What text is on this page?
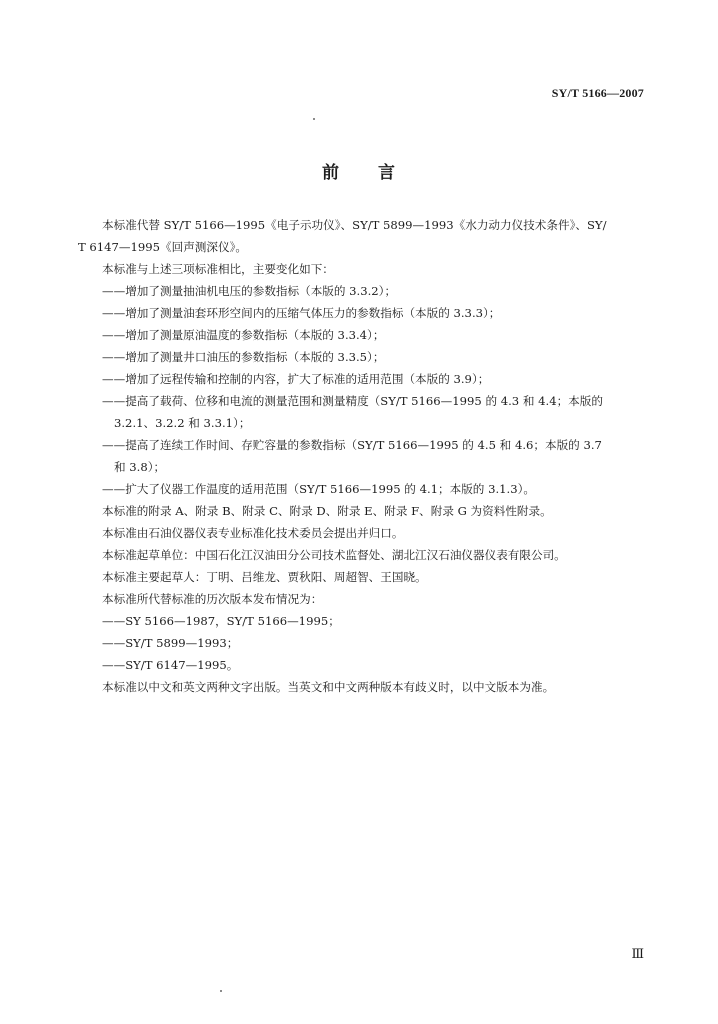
SY/T 5166—2007
前 言
本标准代替 SY/T 5166—1995《电子示功仪》、SY/T 5899—1993《水力动力仪技术条件》、SY/
T 6147—1995《回声测深仪》。
本标准与上述三项标准相比，主要变化如下：
——增加了测量抽油机电压的参数指标（本版的 3.3.2）；
——增加了测量油套环形空间内的压缩气体压力的参数指标（本版的 3.3.3）；
——增加了测量原油温度的参数指标（本版的 3.3.4）；
——增加了测量井口油压的参数指标（本版的 3.3.5）；
——增加了远程传输和控制的内容，扩大了标准的适用范围（本版的 3.9）；
——提高了载荷、位移和电流的测量范围和测量精度（SY/T 5166—1995 的 4.3 和 4.4；本版的
3.2.1、3.2.2 和 3.3.1）；
——提高了连续工作时间、存贮容量的参数指标（SY/T 5166—1995 的 4.5 和 4.6；本版的 3.7
和 3.8）；
——扩大了仪器工作温度的适用范围（SY/T 5166—1995 的 4.1；本版的 3.1.3）。
本标准的附录 A、附录 B、附录 C、附录 D、附录 E、附录 F、附录 G 为资料性附录。
本标准由石油仪器仪表专业标准化技术委员会提出并归口。
本标准起草单位：中国石化江汉油田分公司技术监督处、湖北江汉石油仪器仪表有限公司。
本标准主要起草人：丁明、吕维龙、贾秋阳、周超智、王国晓。
本标准所代替标准的历次版本发布情况为：
——SY 5166—1987，SY/T 5166—1995；
——SY/T 5899—1993；
——SY/T 6147—1995。
本标准以中文和英文两种文字出版。当英文和中文两种版本有歧义时，以中文版本为准。
Ⅲ
